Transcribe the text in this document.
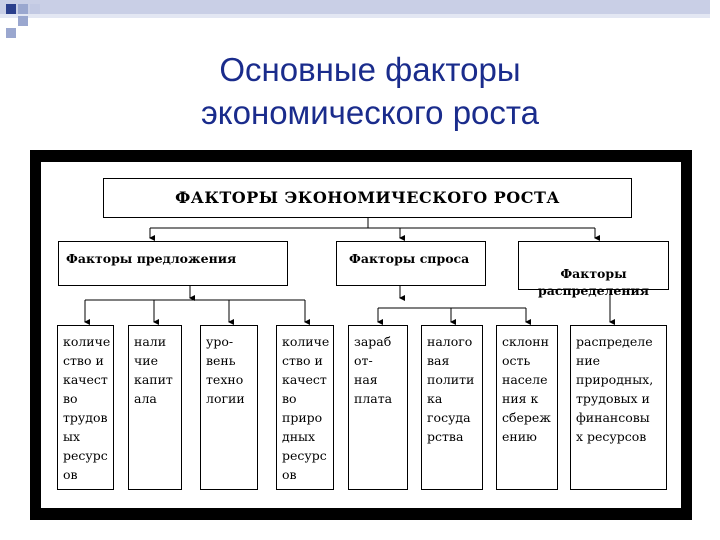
Основные факторы
экономического роста
ФАКТОРЫ ЭКОНОМИЧЕСКОГО РОСТА
Факторы предложения	Факторы спроса

Факторы
распределения

количе
ство и
качест
во
трудов
ых
ресурс
ов
нали
чие
капит
ала
уро-
вень
техно
логии
количе
ство и
качест
во
приро
дных
ресурс
ов
зараб
от-
ная
плата
налого
вая
полити
ка
госуда
рства
склонн
ость
населе
ния к
сбереж
ению
распределе
ние
природных,
трудовых и
финансовы
х ресурсов
